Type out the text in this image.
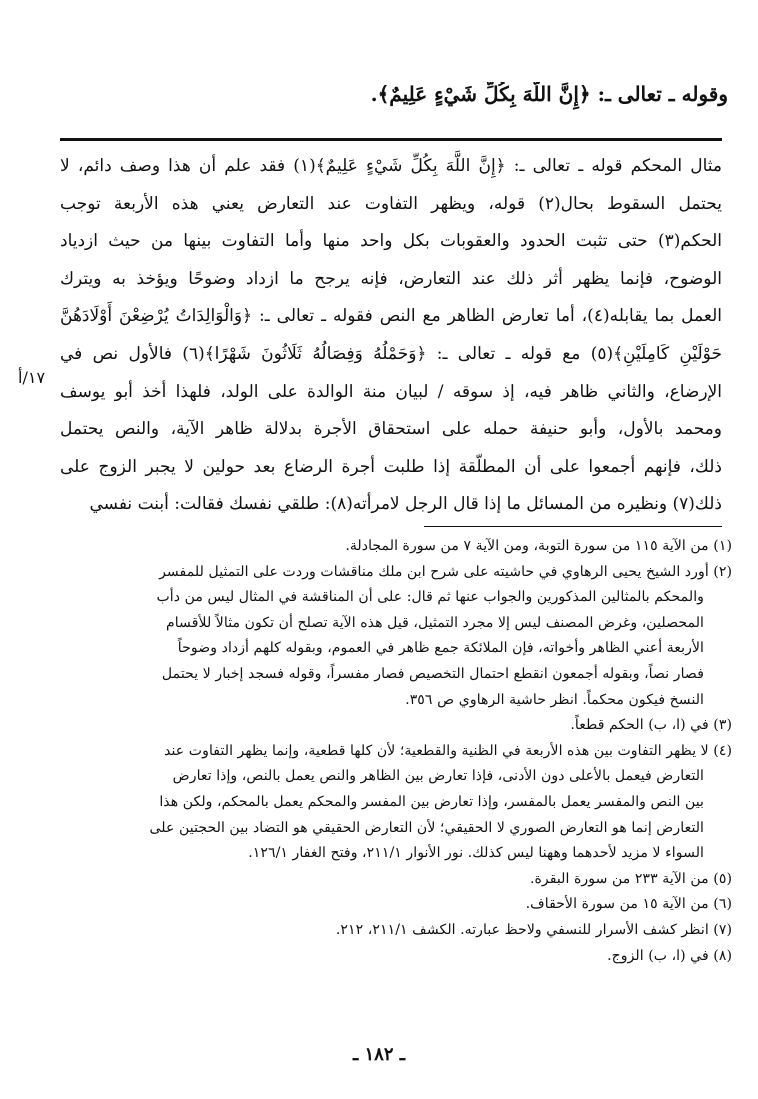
وقوله ـ تعالى ـ: ﴿إِنَّ اللَّهَ بِكُلِّ شَيْءٍ عَلِيمٌ﴾.
مثال المحكم قوله ـ تعالى ـ: ﴿إِنَّ اللَّهَ بِكُلِّ شَيْءٍ عَلِيمٌ﴾(١) فقد علم أن هذا وصف دائم، لا
يحتمل السقوط بحال(٢) قوله، ويظهر التفاوت عند التعارض يعني هذه الأربعة توجب
الحكم(٣) حتى تثبت الحدود والعقوبات بكل واحد منها وأما التفاوت بينها من حيث ازدياد
الوضوح، فإنما يظهر أثر ذلك عند التعارض، فإنه يرجح ما ازداد وضوحًا ويؤخذ به ويترك
العمل بما يقابله(٤)، أما تعارض الظاهر مع النص فقوله ـ تعالى ـ: ﴿وَالْوَالِدَاتُ يُرْضِعْنَ أَوْلَادَهُنَّ
حَوْلَيْنِ كَامِلَيْنِ﴾(٥) مع قوله ـ تعالى ـ: ﴿وَحَمْلُهُ وَفِصَالُهُ ثَلَاثُونَ شَهْرًا﴾(٦) فالأول نص في
الإرضاع، والثاني ظاهر فيه، إذ سوقه / لبيان منة الوالدة على الولد، فلهذا أخذ أبو يوسف
ومحمد بالأول، وأبو حنيفة حمله على استحقاق الأجرة بدلالة ظاهر الآية، والنص يحتمل
ذلك، فإنهم أجمعوا على أن المطلّقة إذا طلبت أجرة الرضاع بعد حولين لا يجبر الزوج على
ذلك(٧) ونظيره من المسائل ما إذا قال الرجل لامرأته(٨): طلقي نفسك فقالت: أبنت نفسي
١٧/أ
(١) من الآية ١١٥ من سورة التوبة، ومن الآية ٧ من سورة المجادلة.
(٢) أورد الشيخ يحيى الرهاوي في حاشيته على شرح ابن ملك مناقشات وردت على التمثيل للمفسر
والمحكم بالمثالين المذكورين والجواب عنها ثم قال: على أن المناقشة في المثال ليس من دأب
المحصلين، وغرض المصنف ليس إلا مجرد التمثيل، قيل هذه الآية تصلح أن تكون مثالاً للأقسام
الأربعة أعني الظاهر وأخواته، فإن الملائكة جمع ظاهر في العموم، وبقوله كلهم أزداد وضوحاً
فصار نصاً، وبقوله أجمعون انقطع احتمال التخصيص فصار مفسراً، وقوله فسجد إخبار لا يحتمل
النسخ فيكون محكماً. انظر حاشية الرهاوي ص ٣٥٦.
(٣) في (ا، ب) الحكم قطعاً.
(٤) لا يظهر التفاوت بين هذه الأربعة في الظنية والقطعية؛ لأن كلها قطعية، وإنما يظهر التفاوت عند
التعارض فيعمل بالأعلى دون الأدنى، فإذا تعارض بين الظاهر والنص يعمل بالنص، وإذا تعارض
بين النص والمفسر يعمل بالمفسر، وإذا تعارض بين المفسر والمحكم يعمل بالمحكم، ولكن هذا
التعارض إنما هو التعارض الصوري لا الحقيقي؛ لأن التعارض الحقيقي هو التضاد بين الحجتين على
السواء لا مزيد لأحدهما وههنا ليس كذلك. نور الأنوار ٢١١/١، وفتح الغفار ١٢٦/١.
(٥) من الآية ٢٣٣ من سورة البقرة.
(٦) من الآية ١٥ من سورة الأحقاف.
(٧) انظر كشف الأسرار للنسفي ولاحظ عبارته. الكشف ٢١١/١، ٢١٢.
(٨) في (ا، ب) الزوج.
ـ ١٨٢ ـ
